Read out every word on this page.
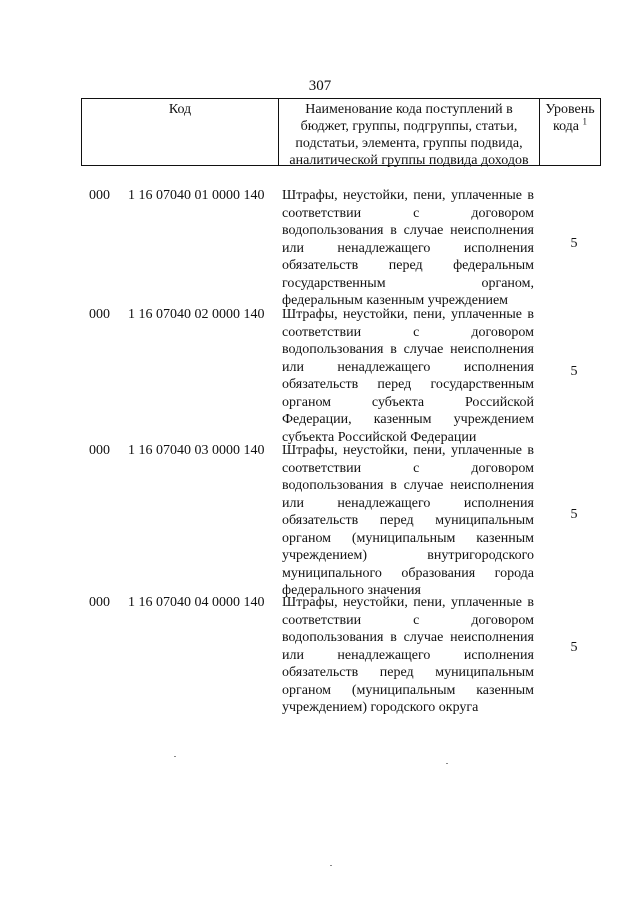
307
Код	Наименование кода поступлений в
бюджет, группы, подгруппы, статьи,
подстатьи, элемента, группы подвида,
аналитической группы подвида доходов
Уровень
кода $^1$
000 1 16 07040 01 0000 140 Штрафы, неустойки, пени, уплаченные в
соответствии с договором
водопользования в случае неисполнения
или ненадлежащего исполнения
обязательств перед федеральным
государственным органом,
федеральным казенным учреждением
5
000 1 16 07040 02 0000 140 Штрафы, неустойки, пени, уплаченные в
соответствии с договором
водопользования в случае неисполнения
или ненадлежащего исполнения
обязательств перед государственным
органом субъекта Российской
Федерации, казенным учреждением
субъекта Российской Федерации
5
000 1 16 07040 03 0000 140 Штрафы, неустойки, пени, уплаченные в
соответствии с договором
водопользования в случае неисполнения
или ненадлежащего исполнения
обязательств перед муниципальным
органом (муниципальным казенным
учреждением) внутригородского
муниципального образования города
федерального значения
5
000 1 16 07040 04 0000 140 Штрафы, неустойки, пени, уплаченные в
соответствии с договором
водопользования в случае неисполнения
или ненадлежащего исполнения
обязательств перед муниципальным
органом (муниципальным казенным
учреждением) городского округа
5
